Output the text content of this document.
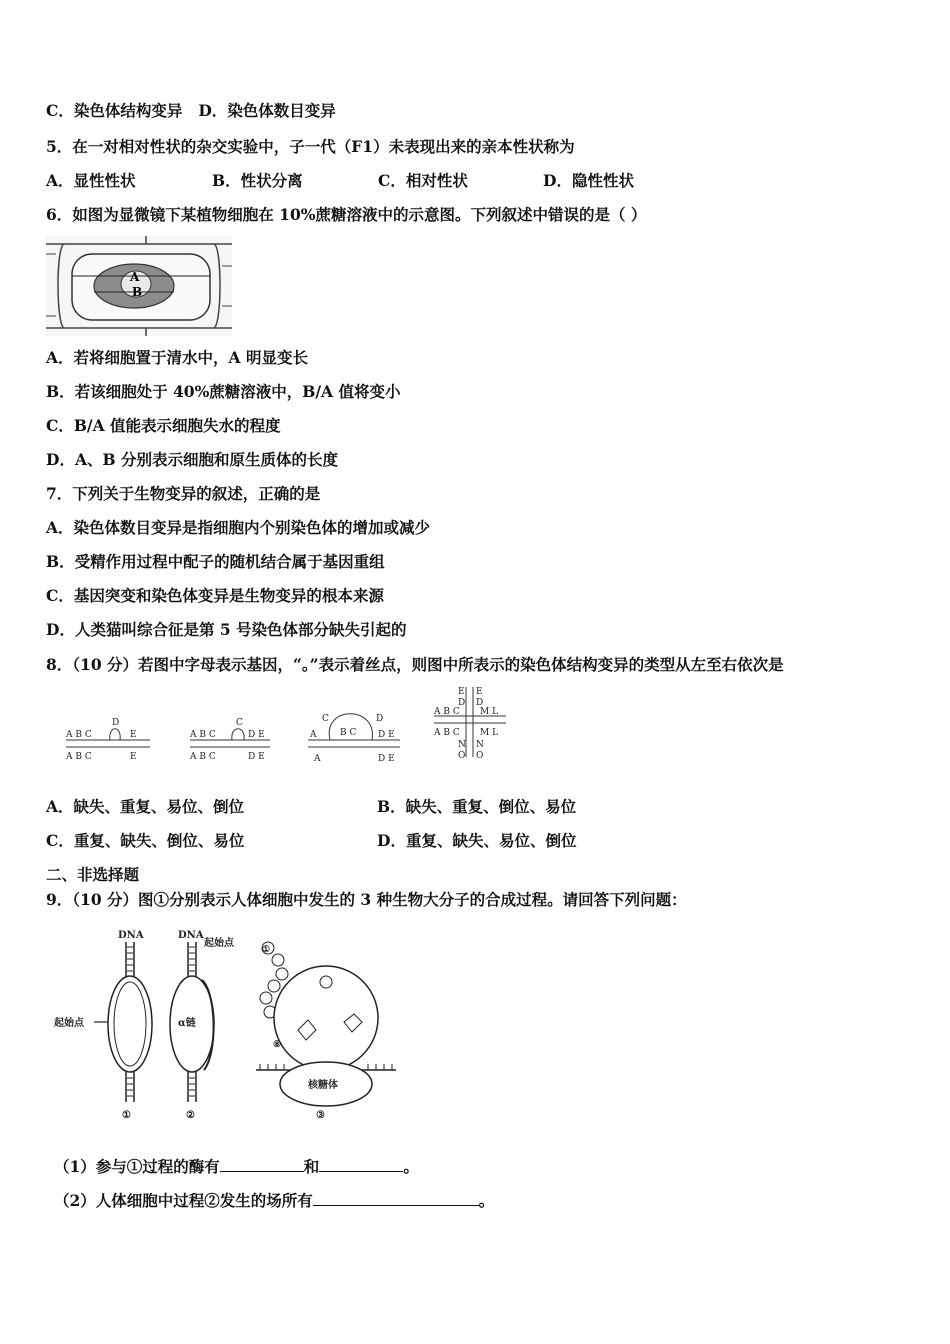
C．染色体结构变异 D．染色体数目变异
5．在一对相对性状的杂交实验中，子一代（F1）未表现出来的亲本性状称为
A．显性性状	B．性状分离	C．相对性状	D．隐性性状
6．如图为显微镜下某植物细胞在 10%蔗糖溶液中的示意图。下列叙述中错误的是（ ）
A
B
A．若将细胞置于清水中，A 明显变长
B．若该细胞处于 40%蔗糖溶液中，B/A 值将变小
C．B/A 值能表示细胞失水的程度
D．A、B 分别表示细胞和原生质体的长度
7．下列关于生物变异的叙述，正确的是
A．染色体数目变异是指细胞内个别染色体的增加或减少
B．受精作用过程中配子的随机结合属于基因重组
C．基因突变和染色体变异是生物变异的根本来源
D．人类猫叫综合征是第 5 号染色体部分缺失引起的
8．（10 分）若图中字母表示基因，“。”表示着丝点，则图中所表示的染色体结构变异的类型从左至右依次是
A B C
D
E
A B C	E
A B C
C
D E
A B C	D E
A
C
B C
D
D E
A	D E
E
D
E
D
A B C M L
A B C M L
N
O
N
O
A．缺失、重复、易位、倒位	B．缺失、重复、倒位、易位
C．重复、缺失、倒位、易位	D．重复、缺失、易位、倒位
二、非选择题
9．（10 分）图①分别表示人体细胞中发生的 3 种生物大分子的合成过程。请回答下列问题：
DNA
起始点
①
DNA
起始点
α链
②
①
⑧
核糖体
③
（1）参与①过程的酶有	和	。
（2）人体细胞中过程②发生的场所有	。
